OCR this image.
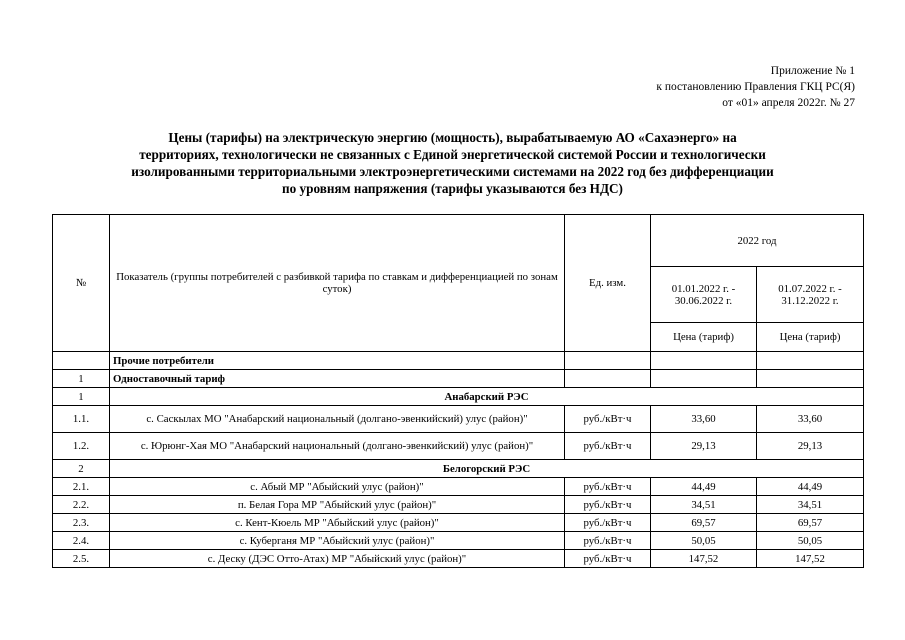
Приложение № 1
к постановлению Правления ГКЦ РС(Я)
от «01» апреля 2022г. № 27
Цены (тарифы) на электрическую энергию (мощность), вырабатываемую АО «Сахаэнерго» на
территориях, технологически не связанных с Единой энергетической системой России и технологически
изолированными территориальными электроэнергетическими системами на 2022 год без дифференциации
по уровням напряжения (тарифы указываются без НДС)
№	Показатель (группы потребителей с разбивкой тарифа по ставкам и дифференциацией по зонам суток)	Ед. изм.	2022 год	
			01.01.2022 г. - 30.06.2022 г.	01.07.2022 г. - 31.12.2022 г.
			Цена (тариф)	Цена (тариф)
	Прочие потребители			
1	Одноставочный тариф			
1	Анабарский РЭС			
1.1.	с. Саскылах МО "Анабарский национальный (долгано-эвенкийский) улус (район)"	руб./кВт·ч	33,60	33,60
1.2.	с. Юрюнг-Хая МО "Анабарский национальный (долгано-эвенкийский) улус (район)"	руб./кВт·ч	29,13	29,13
2	Белогорский РЭС			
2.1.	с. Абый МР "Абыйский улус (район)"	руб./кВт·ч	44,49	44,49
2.2.	п. Белая Гора МР "Абыйский улус (район)"	руб./кВт·ч	34,51	34,51
2.3.	с. Кент-Кюель МР "Абыйский улус (район)"	руб./кВт·ч	69,57	69,57
2.4.	с. Куберганя МР "Абыйский улус (район)"	руб./кВт·ч	50,05	50,05
2.5.	с. Деску (ДЭС Отто-Атах) МР "Абыйский улус (район)"	руб./кВт·ч	147,52	147,52
